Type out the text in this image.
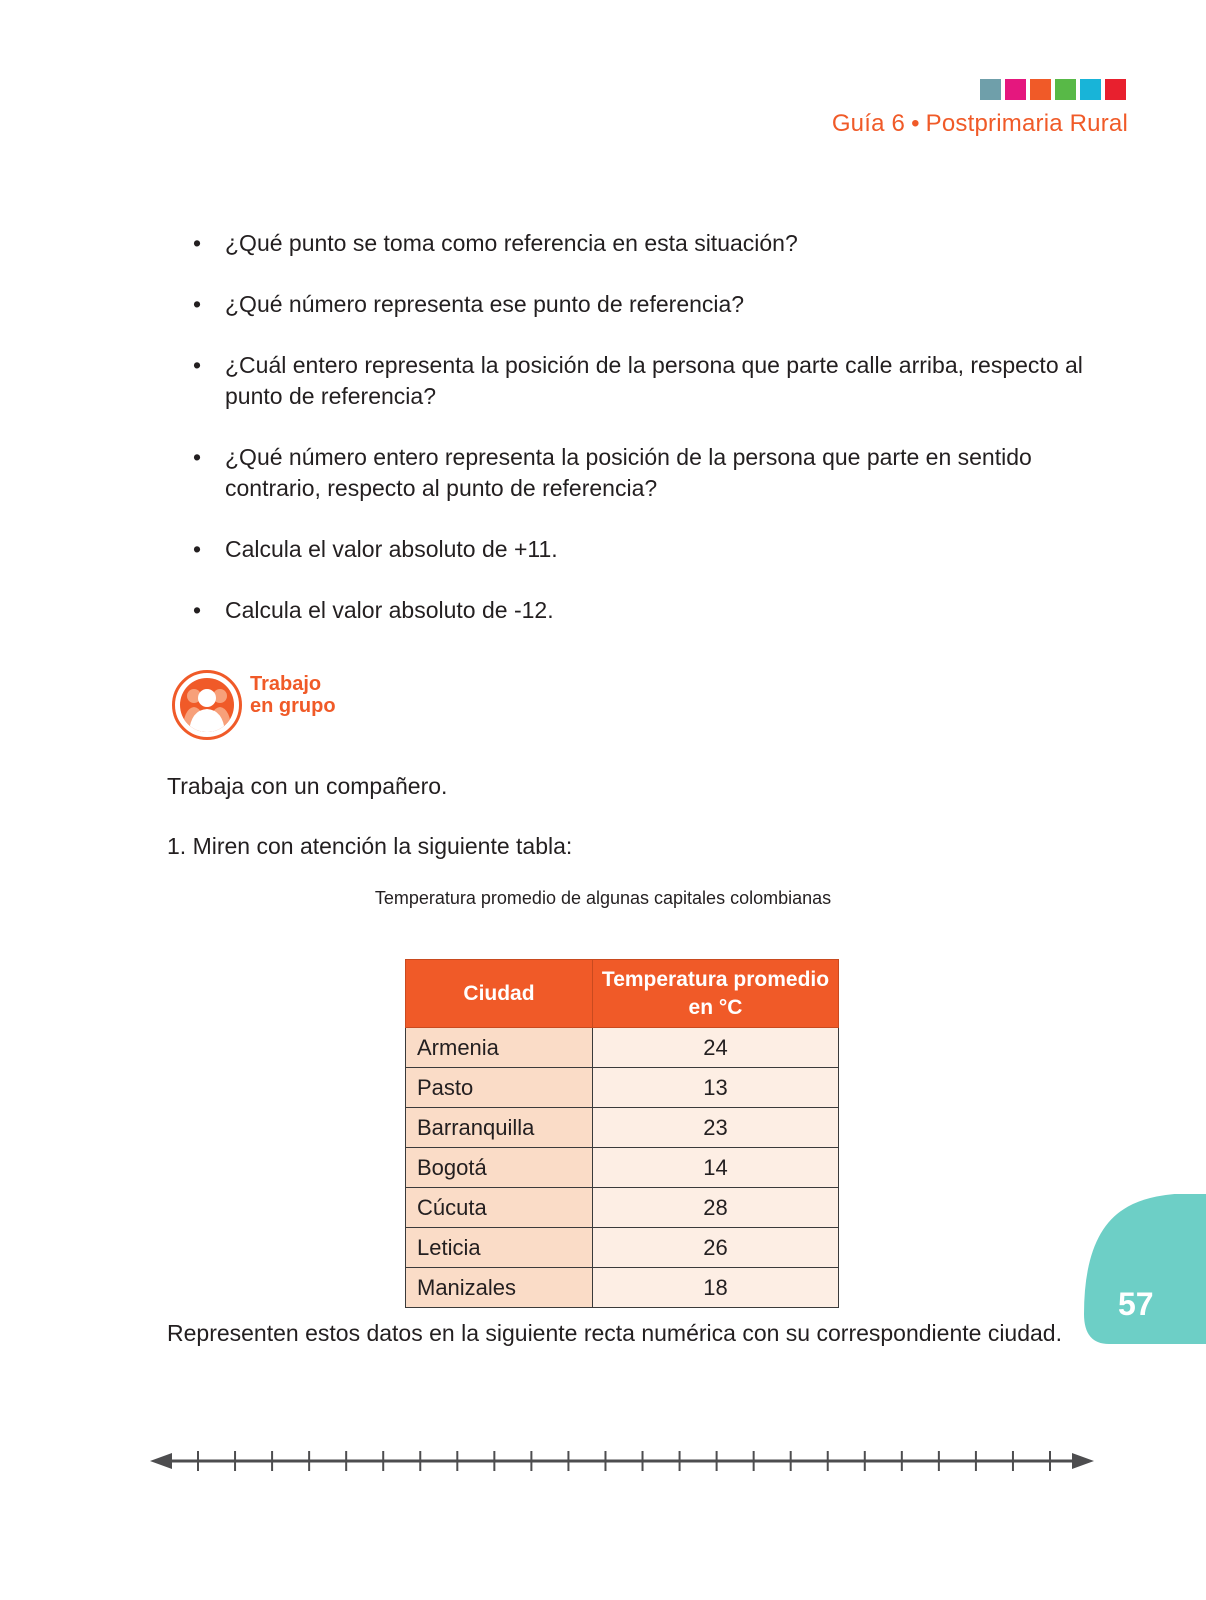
Guía 6 • Postprimaria Rural
• ¿Qué punto se toma como referencia en esta situación?
• ¿Qué número representa ese punto de referencia?
• ¿Cuál entero representa la posición de la persona que parte calle arriba, respecto al punto de referencia?
• ¿Qué número entero representa la posición de la persona que parte en sentido contrario, respecto al punto de referencia?
• Calcula el valor absoluto de +11.
• Calcula el valor absoluto de -12.
Trabajo
en grupo
Trabaja con un compañero.
1. Miren con atención la siguiente tabla:
Temperatura promedio de algunas capitales colombianas
Ciudad	Temperatura promedio en °C
Armenia	24
Pasto	13
Barranquilla	23
Bogotá	14
Cúcuta	28
Leticia	26
Manizales	18
Representen estos datos en la siguiente recta numérica con su correspondiente ciudad.
57
